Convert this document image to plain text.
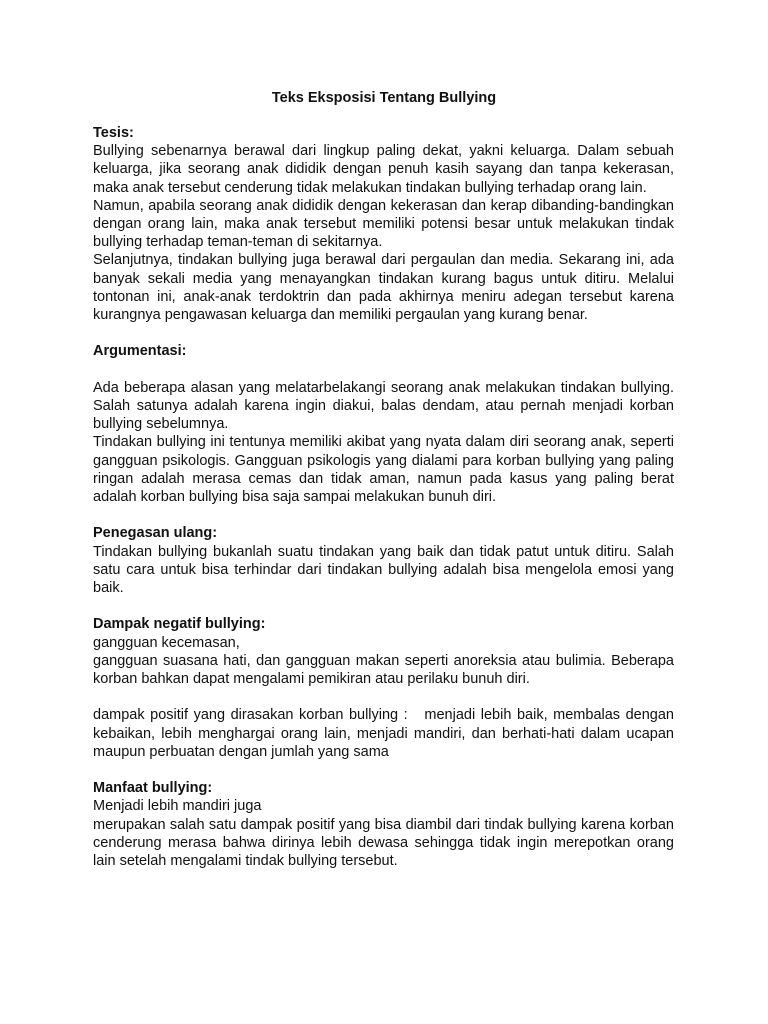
Teks Eksposisi Tentang Bullying

Tesis:

Bullying sebenarnya berawal dari lingkup paling dekat, yakni keluarga. Dalam sebuah keluarga, jika seorang anak dididik dengan penuh kasih sayang dan tanpa kekerasan, maka anak tersebut cenderung tidak melakukan tindakan bullying terhadap orang lain.

Namun, apabila seorang anak dididik dengan kekerasan dan kerap dibanding-bandingkan dengan orang lain, maka anak tersebut memiliki potensi besar untuk melakukan tindak bullying terhadap teman-teman di sekitarnya.

Selanjutnya, tindakan bullying juga berawal dari pergaulan dan media. Sekarang ini, ada banyak sekali media yang menayangkan tindakan kurang bagus untuk ditiru. Melalui tontonan ini, anak-anak terdoktrin dan pada akhirnya meniru adegan tersebut karena kurangnya pengawasan keluarga dan memiliki pergaulan yang kurang benar.

Argumentasi:

Ada beberapa alasan yang melatarbelakangi seorang anak melakukan tindakan bullying. Salah satunya adalah karena ingin diakui, balas dendam, atau pernah menjadi korban bullying sebelumnya.

Tindakan bullying ini tentunya memiliki akibat yang nyata dalam diri seorang anak, seperti gangguan psikologis. Gangguan psikologis yang dialami para korban bullying yang paling ringan adalah merasa cemas dan tidak aman, namun pada kasus yang paling berat adalah korban bullying bisa saja sampai melakukan bunuh diri.

Penegasan ulang:

Tindakan bullying bukanlah suatu tindakan yang baik dan tidak patut untuk ditiru. Salah satu cara untuk bisa terhindar dari tindakan bullying adalah bisa mengelola emosi yang baik.

Dampak negatif bullying:

gangguan kecemasan,

gangguan suasana hati, dan gangguan makan seperti anoreksia atau bulimia. Beberapa korban bahkan dapat mengalami pemikiran atau perilaku bunuh diri.

dampak positif yang dirasakan korban bullying :   menjadi lebih baik, membalas dengan kebaikan, lebih menghargai orang lain, menjadi mandiri, dan berhati-hati dalam ucapan maupun perbuatan dengan jumlah yang sama

Manfaat bullying:

Menjadi lebih mandiri juga

merupakan salah satu dampak positif yang bisa diambil dari tindak bullying karena korban cenderung merasa bahwa dirinya lebih dewasa sehingga tidak ingin merepotkan orang lain setelah mengalami tindak bullying tersebut.
